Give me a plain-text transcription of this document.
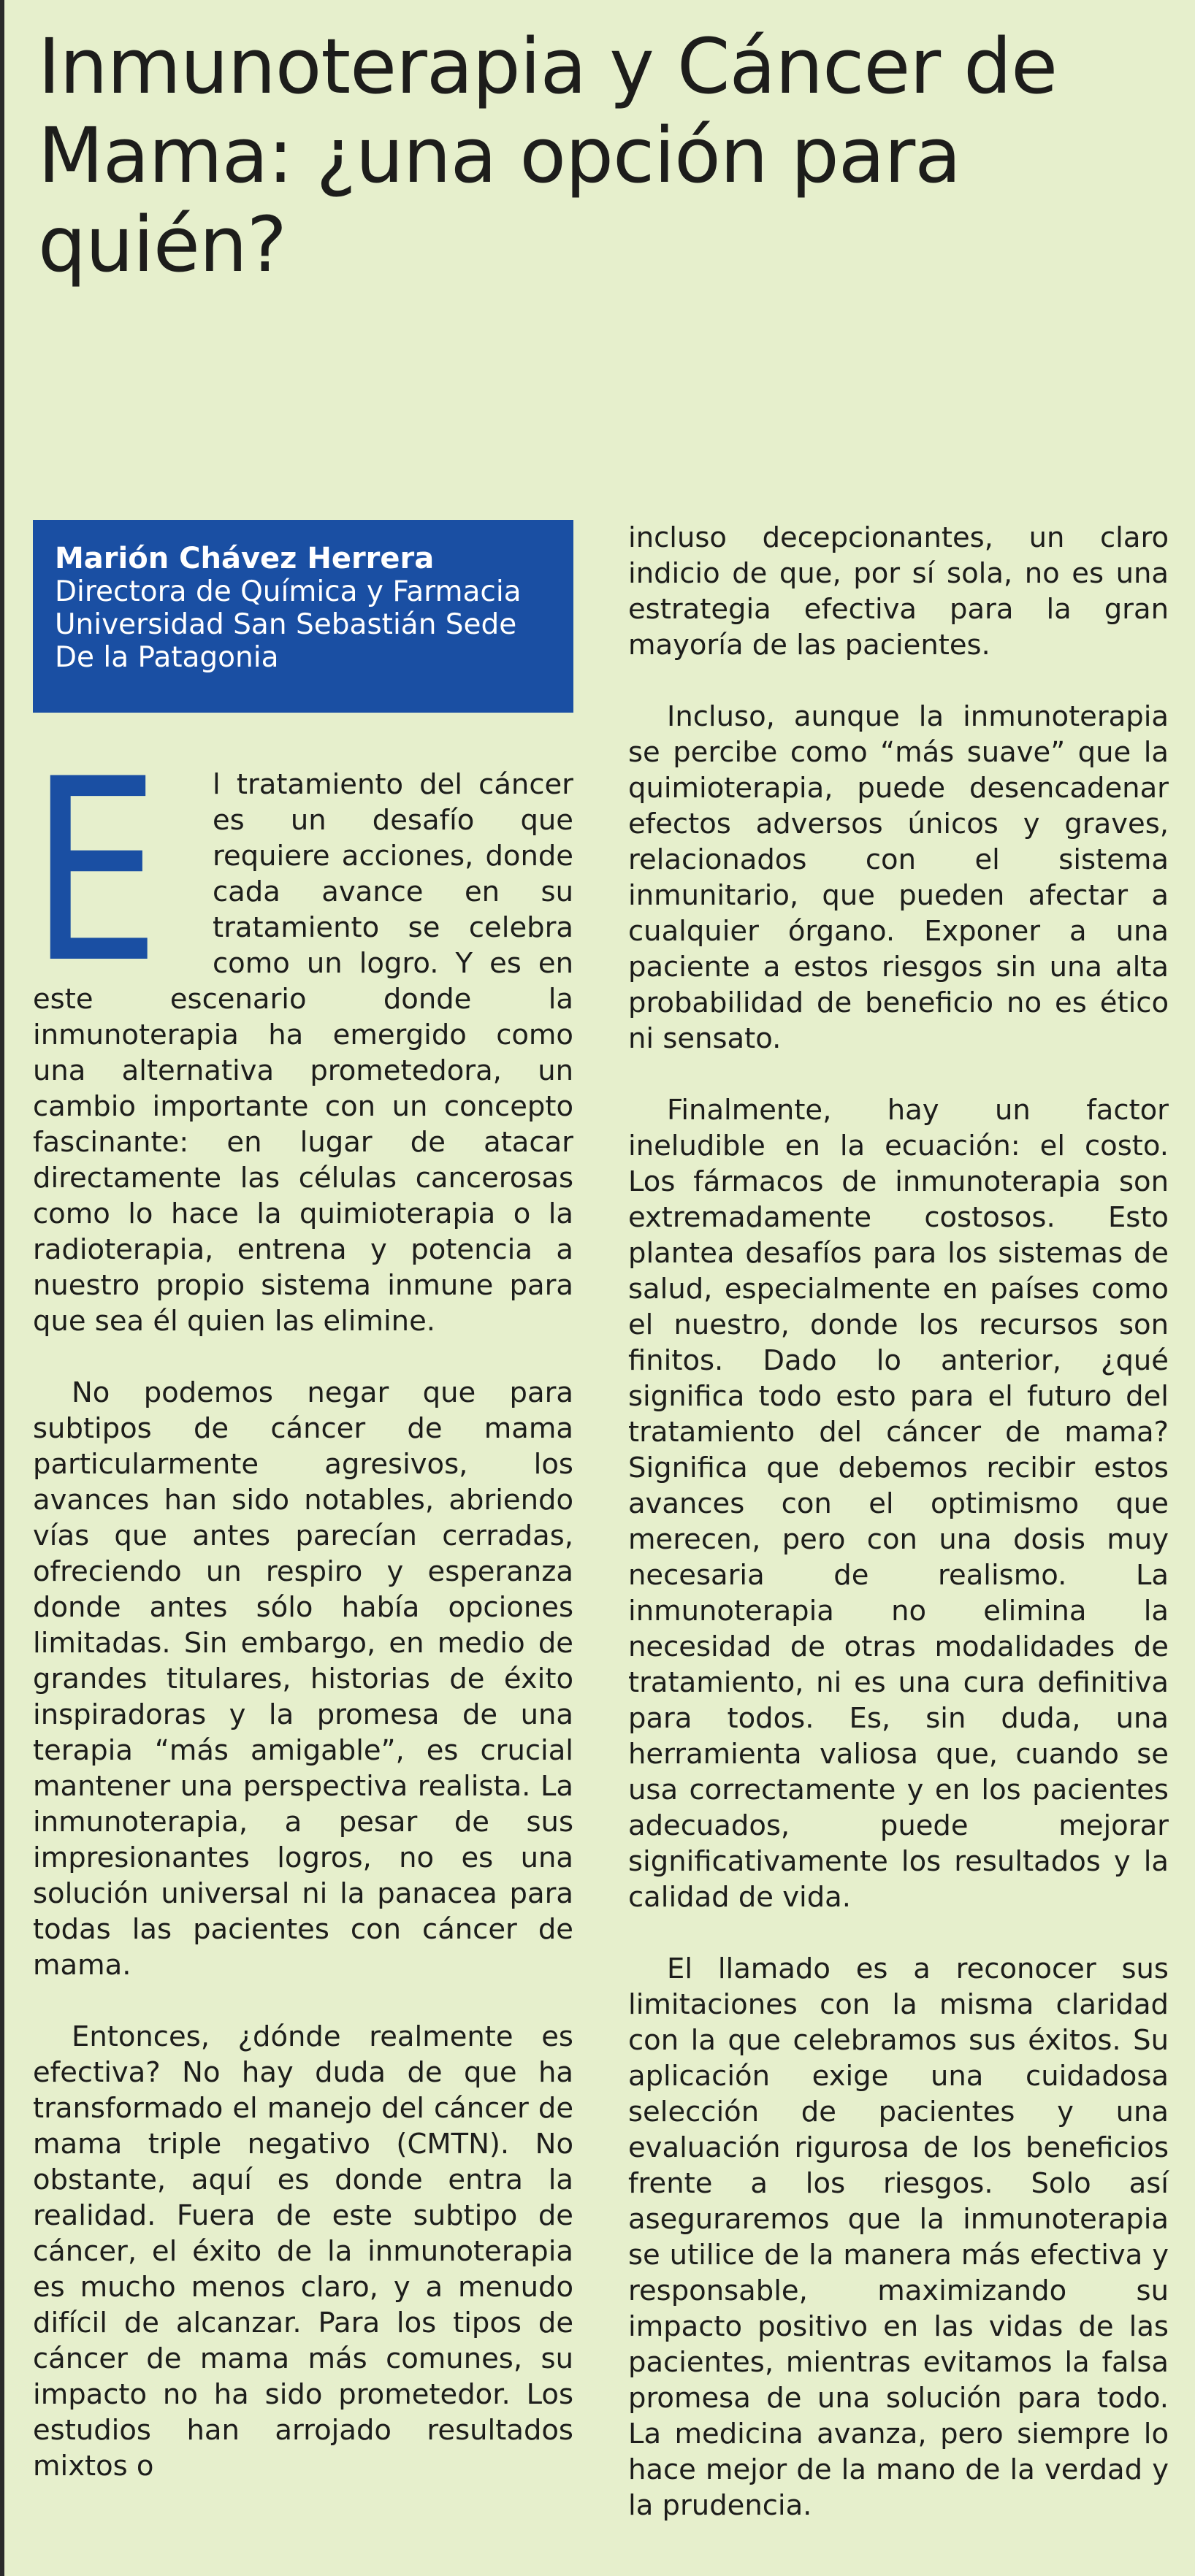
Inmunoterapia y Cáncer de Mama: ¿una opción para quién?

Marión Chávez Herrera

Directora de Química y Farmacia
Universidad San Sebastián Sede
De la Patagonia

E l tratamiento del cáncer es un desafío que requiere acciones, donde cada avance en su tratamiento se celebra como un logro. Y es en este escenario donde la inmunoterapia ha emergido como una alternativa prometedora, un cambio importante con un concepto fascinante: en lugar de atacar directamente las células cancerosas como lo hace la quimioterapia o la radioterapia, entrena y potencia a nuestro propio sistema inmune para que sea él quien las elimine.

No podemos negar que para subtipos de cáncer de mama particularmente agresivos, los avances han sido notables, abriendo vías que antes parecían cerradas, ofreciendo un respiro y esperanza donde antes sólo había opciones limitadas. Sin embargo, en medio de grandes titulares, historias de éxito inspiradoras y la promesa de una terapia “más amigable”, es crucial mantener una perspectiva realista. La inmunoterapia, a pesar de sus impresionantes logros, no es una solución universal ni la panacea para todas las pacientes con cáncer de mama.

Entonces, ¿dónde realmente es efectiva? No hay duda de que ha transformado el manejo del cáncer de mama triple negativo (CMTN). No obstante, aquí es donde entra la realidad. Fuera de este subtipo de cáncer, el éxito de la inmunoterapia es mucho menos claro, y a menudo difícil de alcanzar. Para los tipos de cáncer de mama más comunes, su impacto no ha sido prometedor. Los estudios han arrojado resultados mixtos o

incluso decepcionantes, un claro indicio de que, por sí sola, no es una estrategia efectiva para la gran mayoría de las pacientes.

Incluso, aunque la inmunoterapia se percibe como “más suave” que la quimioterapia, puede desencadenar efectos adversos únicos y graves, relacionados con el sistema inmunitario, que pueden afectar a cualquier órgano. Exponer a una paciente a estos riesgos sin una alta probabilidad de beneficio no es ético ni sensato.

Finalmente, hay un factor ineludible en la ecuación: el costo. Los fármacos de inmunoterapia son extremadamente costosos. Esto plantea desafíos para los sistemas de salud, especialmente en países como el nuestro, donde los recursos son finitos. Dado lo anterior, ¿qué significa todo esto para el futuro del tratamiento del cáncer de mama? Significa que debemos recibir estos avances con el optimismo que merecen, pero con una dosis muy necesaria de realismo. La inmunoterapia no elimina la necesidad de otras modalidades de tratamiento, ni es una cura definitiva para todos. Es, sin duda, una herramienta valiosa que, cuando se usa correctamente y en los pacientes adecuados, puede mejorar significativamente los resultados y la calidad de vida.

El llamado es a reconocer sus limitaciones con la misma claridad con la que celebramos sus éxitos. Su aplicación exige una cuidadosa selección de pacientes y una evaluación rigurosa de los beneficios frente a los riesgos. Solo así aseguraremos que la inmunoterapia se utilice de la manera más efectiva y responsable, maximizando su impacto positivo en las vidas de las pacientes, mientras evitamos la falsa promesa de una solución para todo. La medicina avanza, pero siempre lo hace mejor de la mano de la verdad y la prudencia.
